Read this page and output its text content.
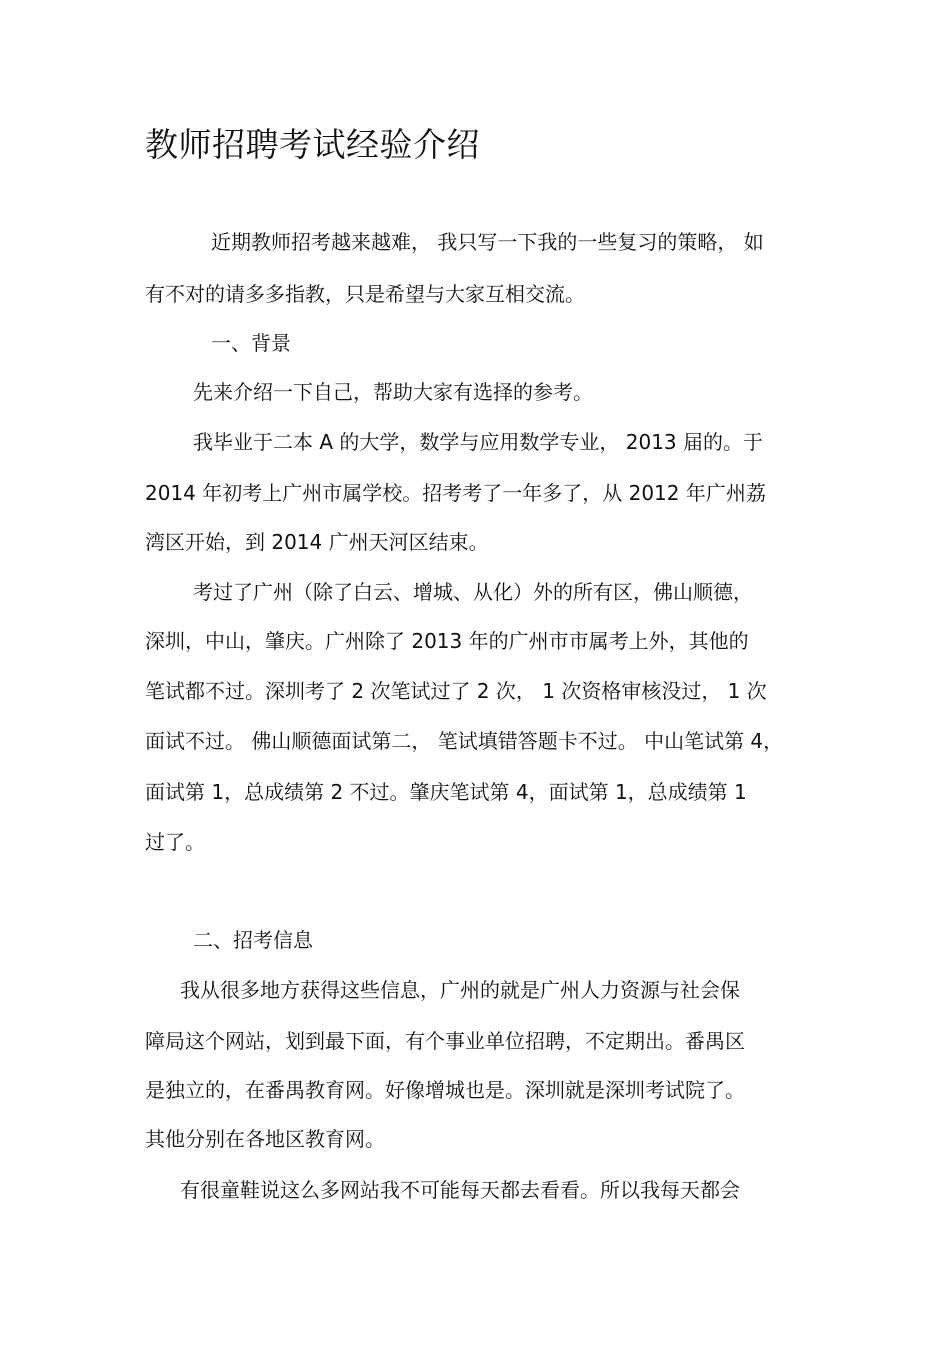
教师招聘考试经验介绍

近期教师招考越来越难， 我只写一下我的一些复习的策略， 如

有不对的请多多指教，只是希望与大家互相交流。

一、背景

先来介绍一下自己，帮助大家有选择的参考。

我毕业于二本 A 的大学，数学与应用数学专业， 2013 届的。于

2014 年初考上广州市属学校。招考考了一年多了，从 2012 年广州荔

湾区开始，到 2014 广州天河区结束。

考过了广州（除了白云、增城、从化）外的所有区，佛山顺德，

深圳，中山，肇庆。广州除了 2013 年的广州市市属考上外，其他的

笔试都不过。深圳考了 2 次笔试过了 2 次， 1 次资格审核没过， 1 次

面试不过。 佛山顺德面试第二， 笔试填错答题卡不过。 中山笔试第 4，

面试第 1，总成绩第 2 不过。肇庆笔试第 4，面试第 1，总成绩第 1

过了。

二、招考信息

我从很多地方获得这些信息，广州的就是广州人力资源与社会保

障局这个网站，划到最下面，有个事业单位招聘，不定期出。番禺区

是独立的，在番禺教育网。好像增城也是。深圳就是深圳考试院了。

其他分别在各地区教育网。

有很童鞋说这么多网站我不可能每天都去看看。所以我每天都会
